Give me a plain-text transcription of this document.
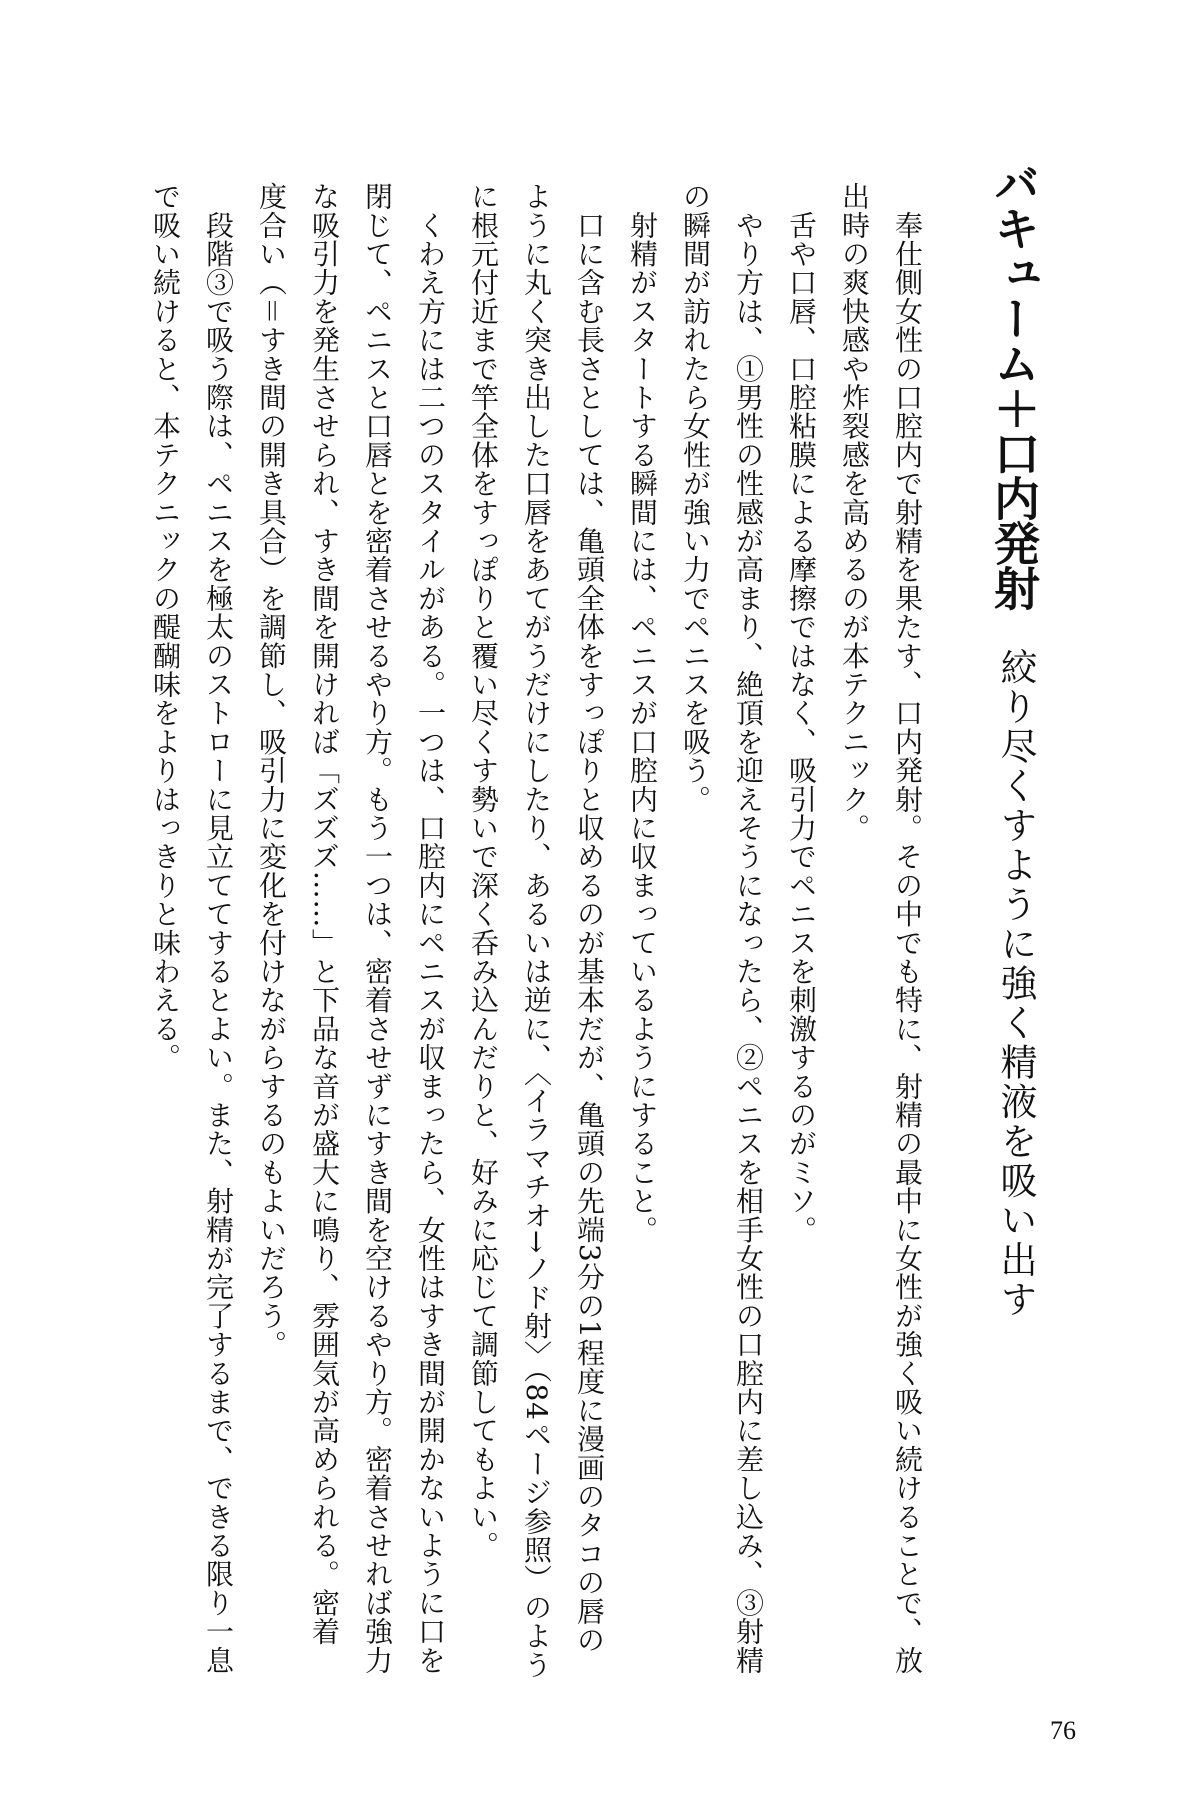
バキューム＋口内発射
絞り尽くすように強く精液を吸い出す
　奉仕側女性の口腔内で射精を果たす、口内発射。その中でも特に、射精の最中に女性が強く吸い続けることで、放
出時の爽快感や炸裂感を高めるのが本テクニック。
　舌や口唇、口腔粘膜による摩擦ではなく、吸引力でペニスを刺激するのがミソ。
　やり方は、①男性の性感が高まり、絶頂を迎えそうになったら、②ペニスを相手女性の口腔内に差し込み、③射精
の瞬間が訪れたら女性が強い力でペニスを吸う。
　射精がスタートする瞬間には、ペニスが口腔内に収まっているようにすること。
　口に含む長さとしては、亀頭全体をすっぽりと収めるのが基本だが、亀頭の先端3分の1程度に漫画のタコの唇の
ように丸く突き出した口唇をあてがうだけにしたり、あるいは逆に、〈イラマチオ→ノド射〉（84ページ参照）のよう
に根元付近まで竿全体をすっぽりと覆い尽くす勢いで深く呑み込んだりと、好みに応じて調節してもよい。
　くわえ方には二つのスタイルがある。一つは、口腔内にペニスが収まったら、女性はすき間が開かないように口を
閉じて、ペニスと口唇とを密着させるやり方。もう一つは、密着させずにすき間を空けるやり方。密着させれば強力
な吸引力を発生させられ、すき間を開ければ「ズズズ……」と下品な音が盛大に鳴り、雰囲気が高められる。密着
度合い（＝すき間の開き具合）を調節し、吸引力に変化を付けながらするのもよいだろう。
　段階③で吸う際は、ペニスを極太のストローに見立ててするとよい。また、射精が完了するまで、できる限り一息
で吸い続けると、本テクニックの醍醐味をよりはっきりと味わえる。
76
